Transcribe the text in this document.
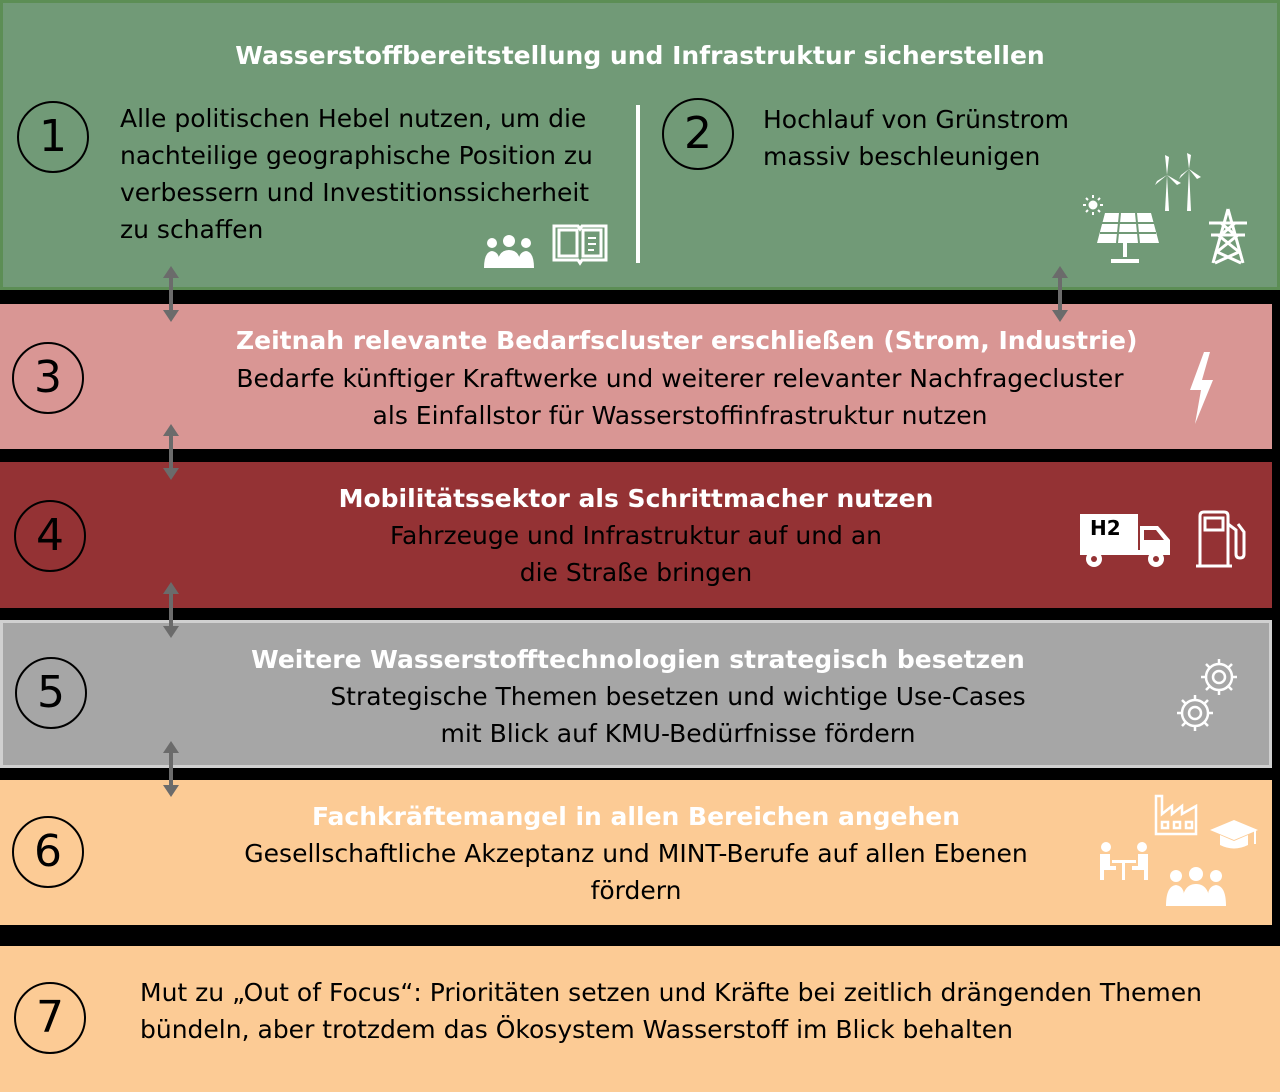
Wasserstoffbereitstellung und Infrastruktur sicherstellen
1	Alle politischen Hebel nutzen, um die
nachteilige geographische Position zu
verbessern und Investitionssicherheit
zu schaffen
2	Hochlauf von Grünstrom
massiv beschleunigen
3
Zeitnah relevante Bedarfscluster erschließen (Strom, Industrie)
Bedarfe künftiger Kraftwerke und weiterer relevanter Nachfragecluster
als Einfallstor für Wasserstoffinfrastruktur nutzen
4
Mobilitätssektor als Schrittmacher nutzen
Fahrzeuge und Infrastruktur auf und an
die Straße bringen
H2
5
Weitere Wasserstofftechnologien strategisch besetzen
Strategische Themen besetzen und wichtige Use-Cases
mit Blick auf KMU-Bedürfnisse fördern
6
Fachkräftemangel in allen Bereichen angehen
Gesellschaftliche Akzeptanz und MINT-Berufe auf allen Ebenen
fördern
7	Mut zu „Out of Focus“: Prioritäten setzen und Kräfte bei zeitlich drängenden Themen
bündeln, aber trotzdem das Ökosystem Wasserstoff im Blick behalten
